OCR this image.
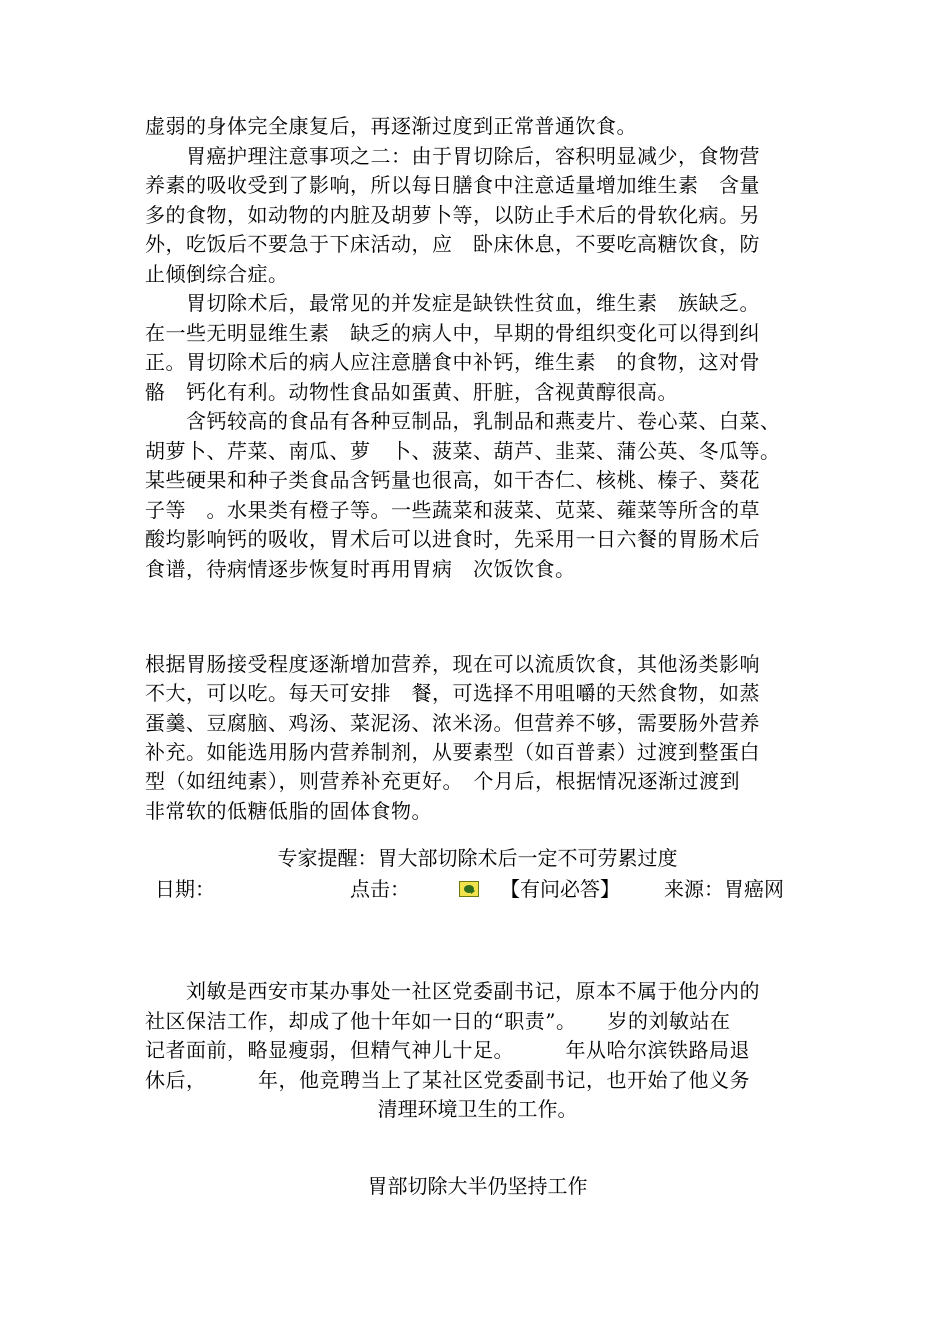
虚弱的身体完全康复后，再逐渐过度到正常普通饮食。
　　胃癌护理注意事项之二：由于胃切除后，容积明显减少，食物营
养素的吸收受到了影响，所以每日膳食中注意适量增加维生素　含量
多的食物，如动物的内脏及胡萝卜等，以防止手术后的骨软化病。另
外，吃饭后不要急于下床活动，应　卧床休息，不要吃高糖饮食，防
止倾倒综合症。
　　胃切除术后，最常见的并发症是缺铁性贫血，维生素　族缺乏。
在一些无明显维生素　缺乏的病人中，早期的骨组织变化可以得到纠
正。胃切除术后的病人应注意膳食中补钙，维生素　的食物，这对骨
骼　钙化有利。动物性食品如蛋黄、肝脏，含视黄醇很高。
　　含钙较高的食品有各种豆制品，乳制品和燕麦片、卷心菜、白菜、
胡萝卜、芹菜、南瓜、萝　卜、菠菜、葫芦、韭菜、蒲公英、冬瓜等。
某些硬果和种子类食品含钙量也很高，如干杏仁、核桃、榛子、葵花
子等　。水果类有橙子等。一些蔬菜和菠菜、苋菜、蕹菜等所含的草
酸均影响钙的吸收，胃术后可以进食时，先采用一日六餐的胃肠术后
食谱，待病情逐步恢复时再用胃病　次饭饮食。
根据胃肠接受程度逐渐增加营养，现在可以流质饮食，其他汤类影响
不大，可以吃。每天可安排　餐，可选择不用咀嚼的天然食物，如蒸
蛋羹、豆腐脑、鸡汤、菜泥汤、浓米汤。但营养不够，需要肠外营养
补充。如能选用肠内营养制剂，从要素型（如百普素）过渡到整蛋白
型（如纽纯素），则营养补充更好。　个月后，根据情况逐渐过渡到
非常软的低糖低脂的固体食物。
专家提醒：胃大部切除术后一定不可劳累过度
日期：	点击：	【有问必答】 来源：胃癌网
　　刘敏是西安市某办事处一社区党委副书记，原本不属于他分内的
社区保洁工作，却成了他十年如一日的“职责”。　　岁的刘敏站在
记者面前，略显瘦弱，但精气神儿十足。　　　年从哈尔滨铁路局退
休后，　　　年，他竞聘当上了某社区党委副书记，也开始了他义务
清理环境卫生的工作。
胃部切除大半仍坚持工作
